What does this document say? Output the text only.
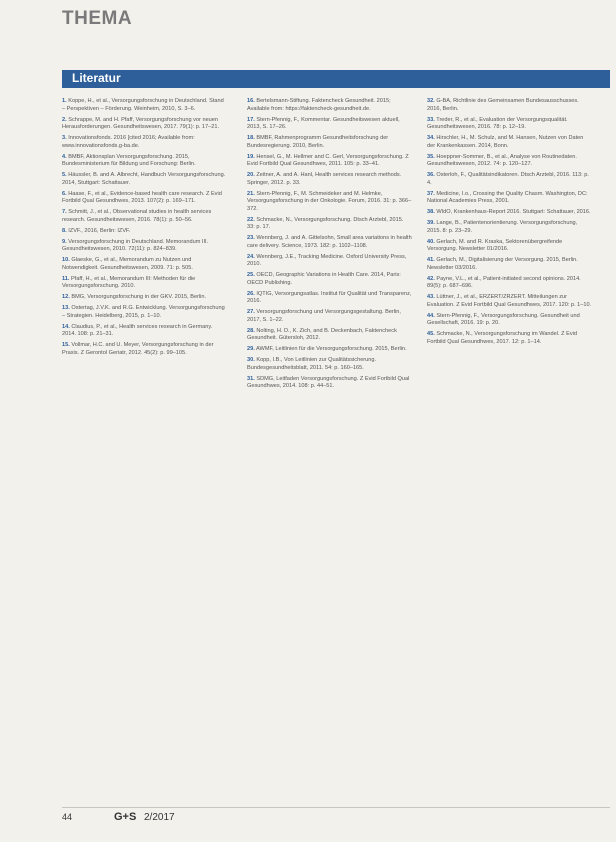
THEMA
Literatur
1. Koppe, H., et al., Versorgungsforschung in Deutschland. Stand – Perspektiven – Förderung. Weinheim, 2010, S. 3–6.
2. Schrappe, M. and H. Pfaff, Versorgungsforschung vor neuen Herausforderungen. Gesundheitswesen, 2017. 79(1): p. 17–21.
3. Innovationsfonds. 2016 [cited 2016; Available from: www.innovationsfonds.g-ba.de.
4. BMBF, Aktionsplan Versorgungsforschung. 2015, Bundesministerium für Bildung und Forschung: Berlin.
5. Häussler, B. and A. Albrecht, Handbuch Versorgungsforschung. 2014, Stuttgart: Schattauer.
6. Haase, F., et al., Evidence-based health care research. Z Evid Fortbild Qual Gesundhwes, 2013. 107(2): p. 169–171.
7. Schmitt, J., et al., Observational studies in health services research. Gesundheitswesen, 2016. 78(1): p. 50–56.
8. IZVF., 2016, Berlin: IZVF.
9. Versorgungsforschung in Deutschland. Memorandum III. Gesundheitswesen, 2010. 72(11): p. 824–839.
10. Glaeske, G., et al., Memorandum zu Nutzen und Notwendigkeit. Gesundheitswesen, 2009. 71: p. 505.
11. Pfaff, H., et al., Memorandum III: Methoden für die Versorgungsforschung. 2010.
12. BMG, Versorgungsforschung in der GKV. 2015, Berlin.
13. Ostertag, J.V.K. and R.G. Entwicklung. Versorgungsforschung – Strategien. Heidelberg, 2015, p. 1–10.
14. Claudius, P., et al., Health services research in Germany. 2014. 108: p. 21–31.
15. Vollmar, H.C. and U. Meyer, Versorgungsforschung in der Praxis. Z Gerontol Geriatr, 2012. 45(2): p. 99–105.
16. Bertelsmann-Stiftung. Faktencheck Gesundheit. 2015; Available from: https://faktencheck-gesundheit.de.
17. Stern-Pfennig, F., Kommentar. Gesundheitswesen aktuell, 2013, S. 17–26.
18. BMBF, Rahmenprogramm Gesundheitsforschung der Bundesregierung. 2010, Berlin.
19. Hensel, G., M. Hellmer and C. Gerl, Versorgungsforschung. Z Evid Fortbild Qual Gesundhwes, 2011. 105: p. 33–41.
20. Zeitner, A. and A. Hanl, Health services research methods. Springer, 2012. p. 33.
21. Stern-Pfennig, F., M. Schmeideker and M. Helmke, Versorgungsforschung in der Onkologie. Forum, 2016. 31: p. 366–372.
22. Schmacke, N., Versorgungsforschung. Dtsch Arztebl, 2015. 33: p. 17.
23. Wennberg, J. and A. Gittelsohn, Small area variations in health care delivery. Science, 1973. 182: p. 1102–1108.
24. Wennberg, J.E., Tracking Medicine. Oxford University Press, 2010.
25. OECD, Geographic Variations in Health Care. 2014, Paris: OECD Publishing.
26. IQTIG, Versorgungsatlas. Institut für Qualität und Transparenz, 2016.
27. Versorgungsforschung und Versorgungsgestaltung. Berlin, 2017, S. 1–22.
28. Nolting, H. D., K. Zich, and B. Deckenbach, Faktencheck Gesundheit. Gütersloh, 2012.
29. AWMF, Leitlinien für die Versorgungsforschung. 2015, Berlin.
30. Kopp, I.B., Von Leitlinien zur Qualitätssicherung. Bundesgesundheitsblatt, 2011. 54: p. 160–165.
31. SDMG, Leitfaden Versorgungsforschung. Z Evid Fortbild Qual Gesundhwes, 2014. 108: p. 44–51.
32. G-BA, Richtlinie des Gemeinsamen Bundesausschusses. 2016, Berlin.
33. Treder, R., et al., Evaluation der Versorgungsqualität. Gesundheitswesen, 2016. 78: p. 12–19.
34. Hirschler, H., M. Schulz, and M. Hansen, Nutzen von Daten der Krankenkassen. 2014, Bonn.
35. Hoeppner-Sommer, B., et al., Analyse von Routinedaten. Gesundheitswesen, 2012. 74: p. 120–127.
36. Osterloh, F., Qualitätsindikatoren. Dtsch Arztebl, 2016. 113: p. 4.
37. Medicine, I.o., Crossing the Quality Chasm. Washington, DC: National Academies Press, 2001.
38. WIdO, Krankenhaus-Report 2016. Stuttgart: Schattauer, 2016.
39. Lange, B., Patientenorientierung. Versorgungsforschung, 2015. 8: p. 23–29.
40. Gerlach, M. and R. Kraska, Sektorenübergreifende Versorgung. Newsletter 01/2016.
41. Gerlach, M., Digitalisierung der Versorgung. 2015, Berlin. Newsletter 03/2016.
42. Payne, V.L., et al., Patient-initiated second opinions. 2014. 89(5): p. 687–696.
43. Lüttner, J., et al., ERZERT/ZRZERT. Mitteilungen zur Evaluation. Z Evid Fortbild Qual Gesundhwes, 2017. 120: p. 1–10.
44. Stern-Pfennig, F., Versorgungsforschung. Gesundheit und Gesellschaft, 2016. 19: p. 20.
45. Schmacke, N., Versorgungsforschung im Wandel. Z Evid Fortbild Qual Gesundhwes, 2017. 12: p. 1–14.
44	G+S 2/2017
